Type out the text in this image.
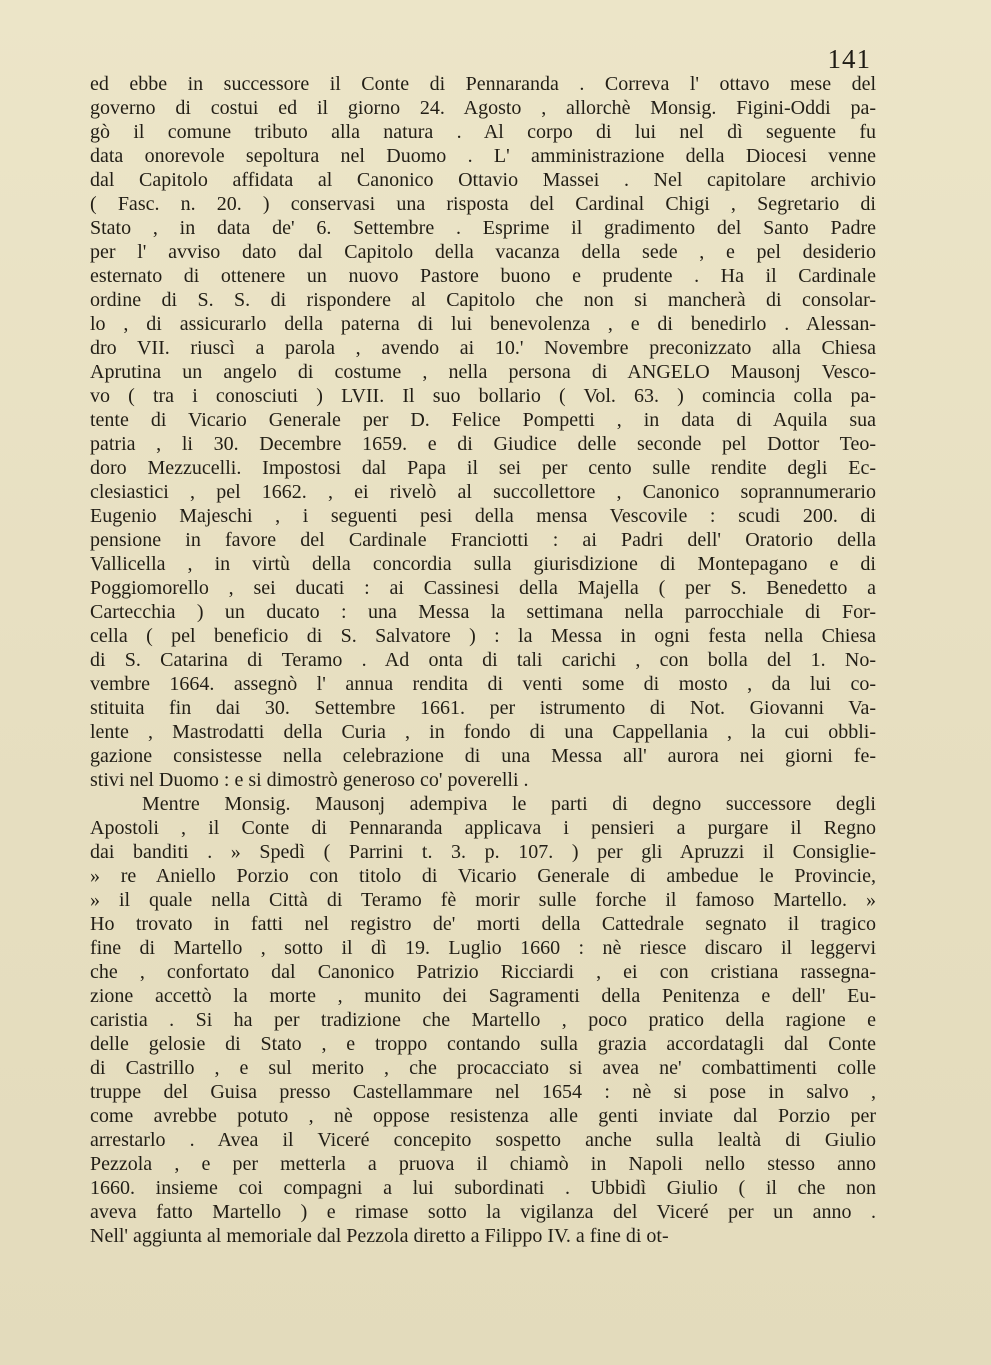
141
ed ebbe in successore il Conte di Pennaranda . Correva l' ottavo mese del
governo di costui ed il giorno 24. Agosto , allorchè Monsig. Figini-Oddi pa-
gò il comune tributo alla natura . Al corpo di lui nel dì seguente fu
data onorevole sepoltura nel Duomo . L' amministrazione della Diocesi venne
dal Capitolo affidata al Canonico Ottavio Massei . Nel capitolare archivio
( Fasc. n. 20. ) conservasi una risposta del Cardinal Chigi , Segretario di
Stato , in data de' 6. Settembre . Esprime il gradimento del Santo Padre
per l' avviso dato dal Capitolo della vacanza della sede , e pel desiderio
esternato di ottenere un nuovo Pastore buono e prudente . Ha il Cardinale
ordine di S. S. di rispondere al Capitolo che non si mancherà di consolar-
lo , di assicurarlo della paterna di lui benevolenza , e di benedirlo . Alessan-
dro VII. riuscì a parola , avendo ai 10.' Novembre preconizzato alla Chiesa
Aprutina un angelo di costume , nella persona di ANGELO Mausonj Vesco-
vo ( tra i conosciuti ) LVII. Il suo bollario ( Vol. 63. ) comincia colla pa-
tente di Vicario Generale per D. Felice Pompetti , in data di Aquila sua
patria , li 30. Decembre 1659. e di Giudice delle seconde pel Dottor Teo-
doro Mezzucelli. Impostosi dal Papa il sei per cento sulle rendite degli Ec-
clesiastici , pel 1662. , ei rivelò al succollettore , Canonico soprannumerario
Eugenio Majeschi , i seguenti pesi della mensa Vescovile : scudi 200. di
pensione in favore del Cardinale Franciotti : ai Padri dell' Oratorio della
Vallicella , in virtù della concordia sulla giurisdizione di Montepagano e di
Poggiomorello , sei ducati : ai Cassinesi della Majella ( per S. Benedetto a
Cartecchia ) un ducato : una Messa la settimana nella parrocchiale di For-
cella ( pel beneficio di S. Salvatore ) : la Messa in ogni festa nella Chiesa
di S. Catarina di Teramo . Ad onta di tali carichi , con bolla del 1. No-
vembre 1664. assegnò l' annua rendita di venti some di mosto , da lui co-
stituita fin dai 30. Settembre 1661. per istrumento di Not. Giovanni Va-
lente , Mastrodatti della Curia , in fondo di una Cappellania , la cui obbli-
gazione consistesse nella celebrazione di una Messa all' aurora nei giorni fe-
stivi nel Duomo : e si dimostrò generoso co' poverelli .
Mentre Monsig. Mausonj adempiva le parti di degno successore degli
Apostoli , il Conte di Pennaranda applicava i pensieri a purgare il Regno
dai banditi . » Spedì ( Parrini t. 3. p. 107. ) per gli Apruzzi il Consiglie-
» re Aniello Porzio con titolo di Vicario Generale di ambedue le Provincie,
» il quale nella Città di Teramo fè morir sulle forche il famoso Martello. »
Ho trovato in fatti nel registro de' morti della Cattedrale segnato il tragico
fine di Martello , sotto il dì 19. Luglio 1660 : nè riesce discaro il leggervi
che , confortato dal Canonico Patrizio Ricciardi , ei con cristiana rassegna-
zione accettò la morte , munito dei Sagramenti della Penitenza e dell' Eu-
caristia . Si ha per tradizione che Martello , poco pratico della ragione e
delle gelosie di Stato , e troppo contando sulla grazia accordatagli dal Conte
di Castrillo , e sul merito , che procacciato si avea ne' combattimenti colle
truppe del Guisa presso Castellammare nel 1654 : nè si pose in salvo ,
come avrebbe potuto , nè oppose resistenza alle genti inviate dal Porzio per
arrestarlo . Avea il Viceré concepito sospetto anche sulla lealtà di Giulio
Pezzola , e per metterla a pruova il chiamò in Napoli nello stesso anno
1660. insieme coi compagni a lui subordinati . Ubbidì Giulio ( il che non
aveva fatto Martello ) e rimase sotto la vigilanza del Viceré per un anno .
Nell' aggiunta al memoriale dal Pezzola diretto a Filippo IV. a fine di ot-
